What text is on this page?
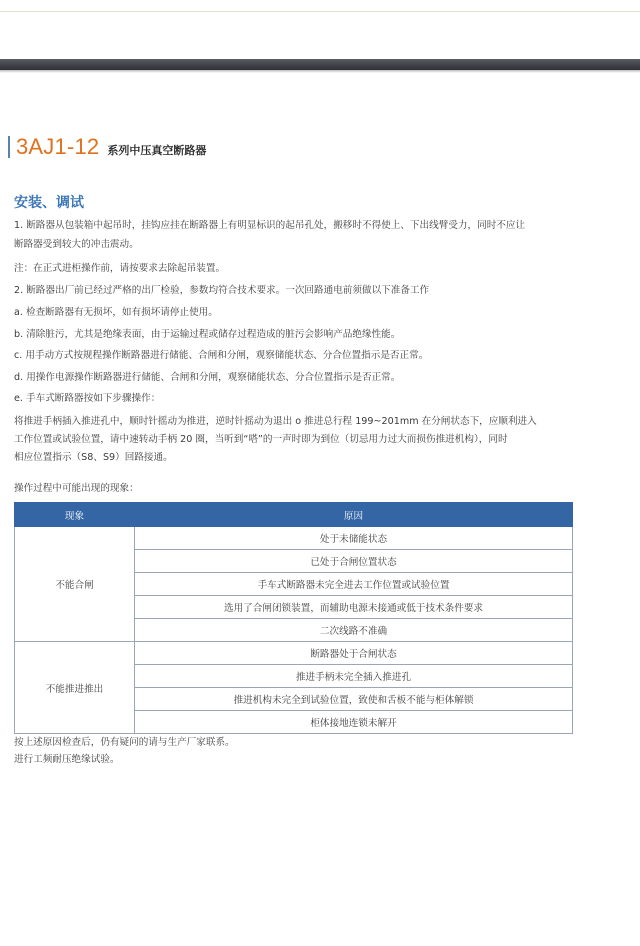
3AJ1-12 系列中压真空断路器
安装、调试
1. 断路器从包装箱中起吊时，挂钩应挂在断路器上有明显标识的起吊孔处，搬移时不得使上、下出线臂受力，同时不应让
断路器受到较大的冲击震动。
注：在正式进柜操作前，请按要求去除起吊装置。
2. 断路器出厂前已经过严格的出厂检验，参数均符合技术要求。一次回路通电前须做以下准备工作
a. 检查断路器有无损坏，如有损坏请停止使用。
b. 清除脏污，尤其是绝缘表面，由于运输过程或储存过程造成的脏污会影响产品绝缘性能。
c. 用手动方式按规程操作断路器进行储能、合闸和分闸，观察储能状态、分合位置指示是否正常。
d. 用操作电源操作断路器进行储能、合闸和分闸，观察储能状态、分合位置指示是否正常。
e. 手车式断路器按如下步骤操作：
将推进手柄插入推进孔中，顺时针摇动为推进，逆时针摇动为退出 o 推进总行程 199~201mm 在分闸状态下，应顺利进入
工作位置或试验位置，请中速转动手柄 20 圈，当听到“嗒”的一声时即为到位（切忌用力过大而损伤推进机构），同时
相应位置指示（S8、S9）回路接通。
操作过程中可能出现的现象：
现象	原因
不能合闸	处于未储能状态
	已处于合闸位置状态
	手车式断路器未完全进去工作位置或试验位置
	选用了合闸闭锁装置，而辅助电源未接通或低于技术条件要求
	二次线路不准确
不能推进推出	断路器处于合闸状态
	推进手柄未完全插入推进孔
	推进机构未完全到试验位置，致使和舌板不能与柜体解锁
	柜体接地连锁未解开
按上述原因检查后，仍有疑问的请与生产厂家联系。
进行工频耐压绝缘试验。
